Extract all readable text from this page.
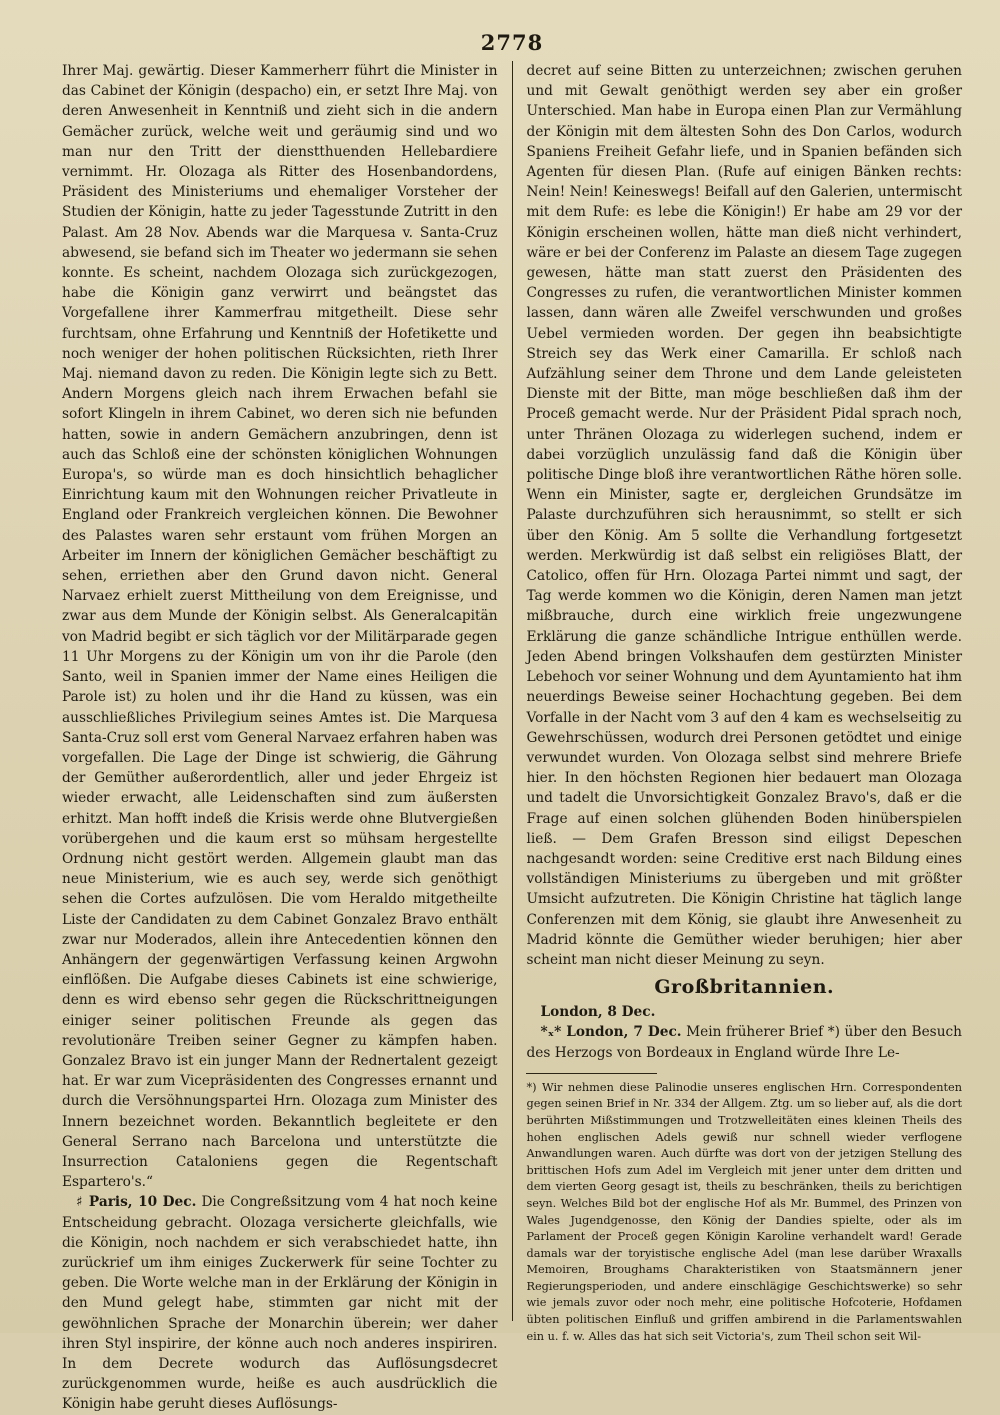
2778

Ihrer Maj. gewärtig. Dieser Kammerherr führt die Minister in das Cabinet der Königin (despacho) ein, er setzt Ihre Maj. von deren Anwesenheit in Kenntniß und zieht sich in die andern Gemächer zurück, welche weit und geräumig sind und wo man nur den Tritt der dienstthuenden Hellebardiere vernimmt. Hr. Olozaga als Ritter des Hosenbandordens, Präsident des Ministeriums und ehemaliger Vorsteher der Studien der Königin, hatte zu jeder Tagesstunde Zutritt in den Palast. Am 28 Nov. Abends war die Marquesa v. Santa-Cruz abwesend, sie befand sich im Theater wo jedermann sie sehen konnte. Es scheint, nachdem Olozaga sich zurückgezogen, habe die Königin ganz verwirrt und beängstet das Vorgefallene ihrer Kammerfrau mitgetheilt. Diese sehr furchtsam, ohne Erfahrung und Kenntniß der Hofetikette und noch weniger der hohen politischen Rücksichten, rieth Ihrer Maj. niemand davon zu reden. Die Königin legte sich zu Bett. Andern Morgens gleich nach ihrem Erwachen befahl sie sofort Klingeln in ihrem Cabinet, wo deren sich nie befunden hatten, sowie in andern Gemächern anzubringen, denn ist auch das Schloß eine der schönsten königlichen Wohnungen Europa's, so würde man es doch hinsichtlich behaglicher Einrichtung kaum mit den Wohnungen reicher Privatleute in England oder Frankreich vergleichen können. Die Bewohner des Palastes waren sehr erstaunt vom frühen Morgen an Arbeiter im Innern der königlichen Gemächer beschäftigt zu sehen, erriethen aber den Grund davon nicht. General Narvaez erhielt zuerst Mittheilung von dem Ereignisse, und zwar aus dem Munde der Königin selbst. Als Generalcapitän von Madrid begibt er sich täglich vor der Militärparade gegen 11 Uhr Morgens zu der Königin um von ihr die Parole (den Santo, weil in Spanien immer der Name eines Heiligen die Parole ist) zu holen und ihr die Hand zu küssen, was ein ausschließliches Privilegium seines Amtes ist. Die Marquesa Santa-Cruz soll erst vom General Narvaez erfahren haben was vorgefallen. Die Lage der Dinge ist schwierig, die Gährung der Gemüther außerordentlich, aller und jeder Ehrgeiz ist wieder erwacht, alle Leidenschaften sind zum äußersten erhitzt. Man hofft indeß die Krisis werde ohne Blutvergießen vorübergehen und die kaum erst so mühsam hergestellte Ordnung nicht gestört werden. Allgemein glaubt man das neue Ministerium, wie es auch sey, werde sich genöthigt sehen die Cortes aufzulösen. Die vom Heraldo mitgetheilte Liste der Candidaten zu dem Cabinet Gonzalez Bravo enthält zwar nur Moderados, allein ihre Antecedentien können den Anhängern der gegenwärtigen Verfassung keinen Argwohn einflößen. Die Aufgabe dieses Cabinets ist eine schwierige, denn es wird ebenso sehr gegen die Rückschrittneigungen einiger seiner politischen Freunde als gegen das revolutionäre Treiben seiner Gegner zu kämpfen haben. Gonzalez Bravo ist ein junger Mann der Rednertalent gezeigt hat. Er war zum Vicepräsidenten des Congresses ernannt und durch die Versöhnungspartei Hrn. Olozaga zum Minister des Innern bezeichnet worden. Bekanntlich begleitete er den General Serrano nach Barcelona und unterstützte die Insurrection Cataloniens gegen die Regentschaft Espartero's.“

♯ Paris, 10 Dec. Die Congreßsitzung vom 4 hat noch keine Entscheidung gebracht. Olozaga versicherte gleichfalls, wie die Königin, noch nachdem er sich verabschiedet hatte, ihn zurückrief um ihm einiges Zuckerwerk für seine Tochter zu geben. Die Worte welche man in der Erklärung der Königin in den Mund gelegt habe, stimmten gar nicht mit der gewöhnlichen Sprache der Monarchin überein; wer daher ihren Styl inspirire, der könne auch noch anderes inspiriren. In dem Decrete wodurch das Auflösungsdecret zurückgenommen wurde, heiße es auch ausdrücklich die Königin habe geruht dieses Auflösungs-

decret auf seine Bitten zu unterzeichnen; zwischen geruhen und mit Gewalt genöthigt werden sey aber ein großer Unterschied. Man habe in Europa einen Plan zur Vermählung der Königin mit dem ältesten Sohn des Don Carlos, wodurch Spaniens Freiheit Gefahr liefe, und in Spanien befänden sich Agenten für diesen Plan. (Rufe auf einigen Bänken rechts: Nein! Nein! Keineswegs! Beifall auf den Galerien, untermischt mit dem Rufe: es lebe die Königin!) Er habe am 29 vor der Königin erscheinen wollen, hätte man dieß nicht verhindert, wäre er bei der Conferenz im Palaste an diesem Tage zugegen gewesen, hätte man statt zuerst den Präsidenten des Congresses zu rufen, die verantwortlichen Minister kommen lassen, dann wären alle Zweifel verschwunden und großes Uebel vermieden worden. Der gegen ihn beabsichtigte Streich sey das Werk einer Camarilla. Er schloß nach Aufzählung seiner dem Throne und dem Lande geleisteten Dienste mit der Bitte, man möge beschließen daß ihm der Proceß gemacht werde. Nur der Präsident Pidal sprach noch, unter Thränen Olozaga zu widerlegen suchend, indem er dabei vorzüglich unzulässig fand daß die Königin über politische Dinge bloß ihre verantwortlichen Räthe hören solle. Wenn ein Minister, sagte er, dergleichen Grundsätze im Palaste durchzuführen sich herausnimmt, so stellt er sich über den König. Am 5 sollte die Verhandlung fortgesetzt werden. Merkwürdig ist daß selbst ein religiöses Blatt, der Catolico, offen für Hrn. Olozaga Partei nimmt und sagt, der Tag werde kommen wo die Königin, deren Namen man jetzt mißbrauche, durch eine wirklich freie ungezwungene Erklärung die ganze schändliche Intrigue enthüllen werde. Jeden Abend bringen Volkshaufen dem gestürzten Minister Lebehoch vor seiner Wohnung und dem Ayuntamiento hat ihm neuerdings Beweise seiner Hochachtung gegeben. Bei dem Vorfalle in der Nacht vom 3 auf den 4 kam es wechselseitig zu Gewehrschüssen, wodurch drei Personen getödtet und einige verwundet wurden. Von Olozaga selbst sind mehrere Briefe hier. In den höchsten Regionen hier bedauert man Olozaga und tadelt die Unvorsichtigkeit Gonzalez Bravo's, daß er die Frage auf einen solchen glühenden Boden hinüberspielen ließ. — Dem Grafen Bresson sind eiligst Depeschen nachgesandt worden: seine Creditive erst nach Bildung eines vollständigen Ministeriums zu übergeben und mit größter Umsicht aufzutreten. Die Königin Christine hat täglich lange Conferenzen mit dem König, sie glaubt ihre Anwesenheit zu Madrid könnte die Gemüther wieder beruhigen; hier aber scheint man nicht dieser Meinung zu seyn.

Großbritannien.

London, 8 Dec.

*ₓ* London, 7 Dec. Mein früherer Brief *) über den Besuch des Herzogs von Bordeaux in England würde Ihre Le-

*) Wir nehmen diese Palinodie unseres englischen Hrn. Correspondenten gegen seinen Brief in Nr. 334 der Allgem. Ztg. um so lieber auf, als die dort berührten Mißstimmungen und Trotzwelleitäten eines kleinen Theils des hohen englischen Adels gewiß nur schnell wieder verflogene Anwandlungen waren. Auch dürfte was dort von der jetzigen Stellung des brittischen Hofs zum Adel im Vergleich mit jener unter dem dritten und dem vierten Georg gesagt ist, theils zu beschränken, theils zu berichtigen seyn. Welches Bild bot der englische Hof als Mr. Bummel, des Prinzen von Wales Jugendgenosse, den König der Dandies spielte, oder als im Parlament der Proceß gegen Königin Karoline verhandelt ward! Gerade damals war der toryistische englische Adel (man lese darüber Wraxalls Memoiren, Broughams Charakteristiken von Staatsmännern jener Regierungsperioden, und andere einschlägige Geschichtswerke) so sehr wie jemals zuvor oder noch mehr, eine politische Hofcoterie, Hofdamen übten politischen Einfluß und griffen ambirend in die Parlamentswahlen ein u. f. w. Alles das hat sich seit Victoria's, zum Theil schon seit Wil-
